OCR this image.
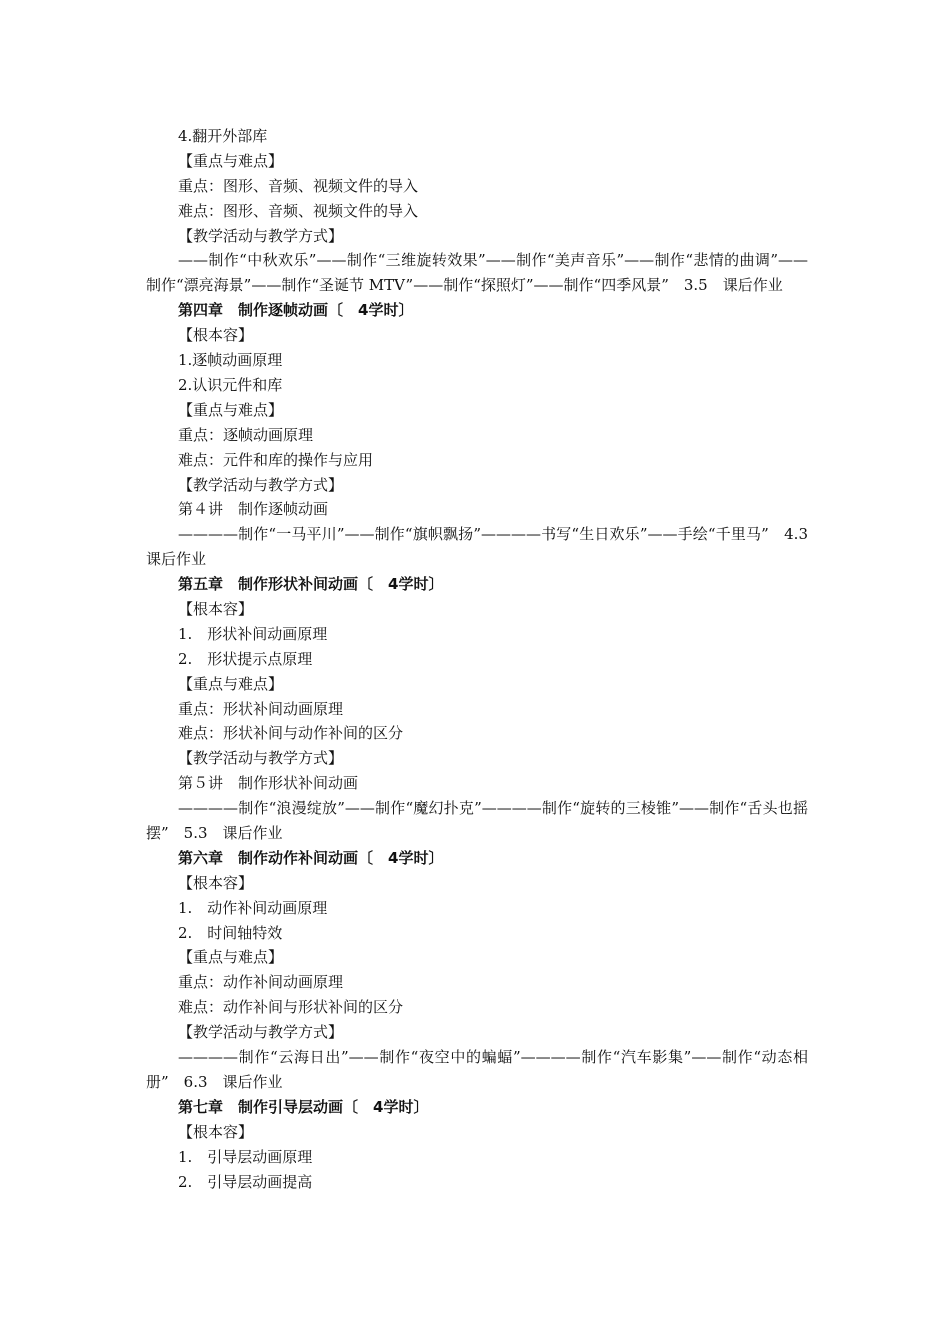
4.翻开外部库
【重点与难点】
重点：图形、音频、视频文件的导入
难点：图形、音频、视频文件的导入
【教学活动与教学方式】
——制作“中秋欢乐”——制作“三维旋转效果”——制作“美声音乐”——制作“悲情的曲调”——制作“漂亮海景”——制作“圣诞节 MTV”——制作“探照灯”——制作“四季风景”　3.5　课后作业
第四章　制作逐帧动画〔　4学时〕
【根本容】
1.逐帧动画原理
2.认识元件和库
【重点与难点】
重点：逐帧动画原理
难点：元件和库的操作与应用
【教学活动与教学方式】
第４讲　制作逐帧动画
————制作“一马平川”——制作“旗帜飘扬”————书写“生日欢乐”——手绘“千里马”　4.3　课后作业
第五章　制作形状补间动画〔　4学时〕
【根本容】
1.　形状补间动画原理
2.　形状提示点原理
【重点与难点】
重点：形状补间动画原理
难点：形状补间与动作补间的区分
【教学活动与教学方式】
第５讲　制作形状补间动画
————制作“浪漫绽放”——制作“魔幻扑克”————制作“旋转的三棱锥”——制作“舌头也摇摆”　5.3　课后作业
第六章　制作动作补间动画〔　4学时〕
【根本容】
1.　动作补间动画原理
2.　时间轴特效
【重点与难点】
重点：动作补间动画原理
难点：动作补间与形状补间的区分
【教学活动与教学方式】
————制作“云海日出”——制作“夜空中的蝙蝠”————制作“汽车影集”——制作“动态相册”　6.3　课后作业
第七章　制作引导层动画〔　4学时〕
【根本容】
1.　引导层动画原理
2.　引导层动画提高
